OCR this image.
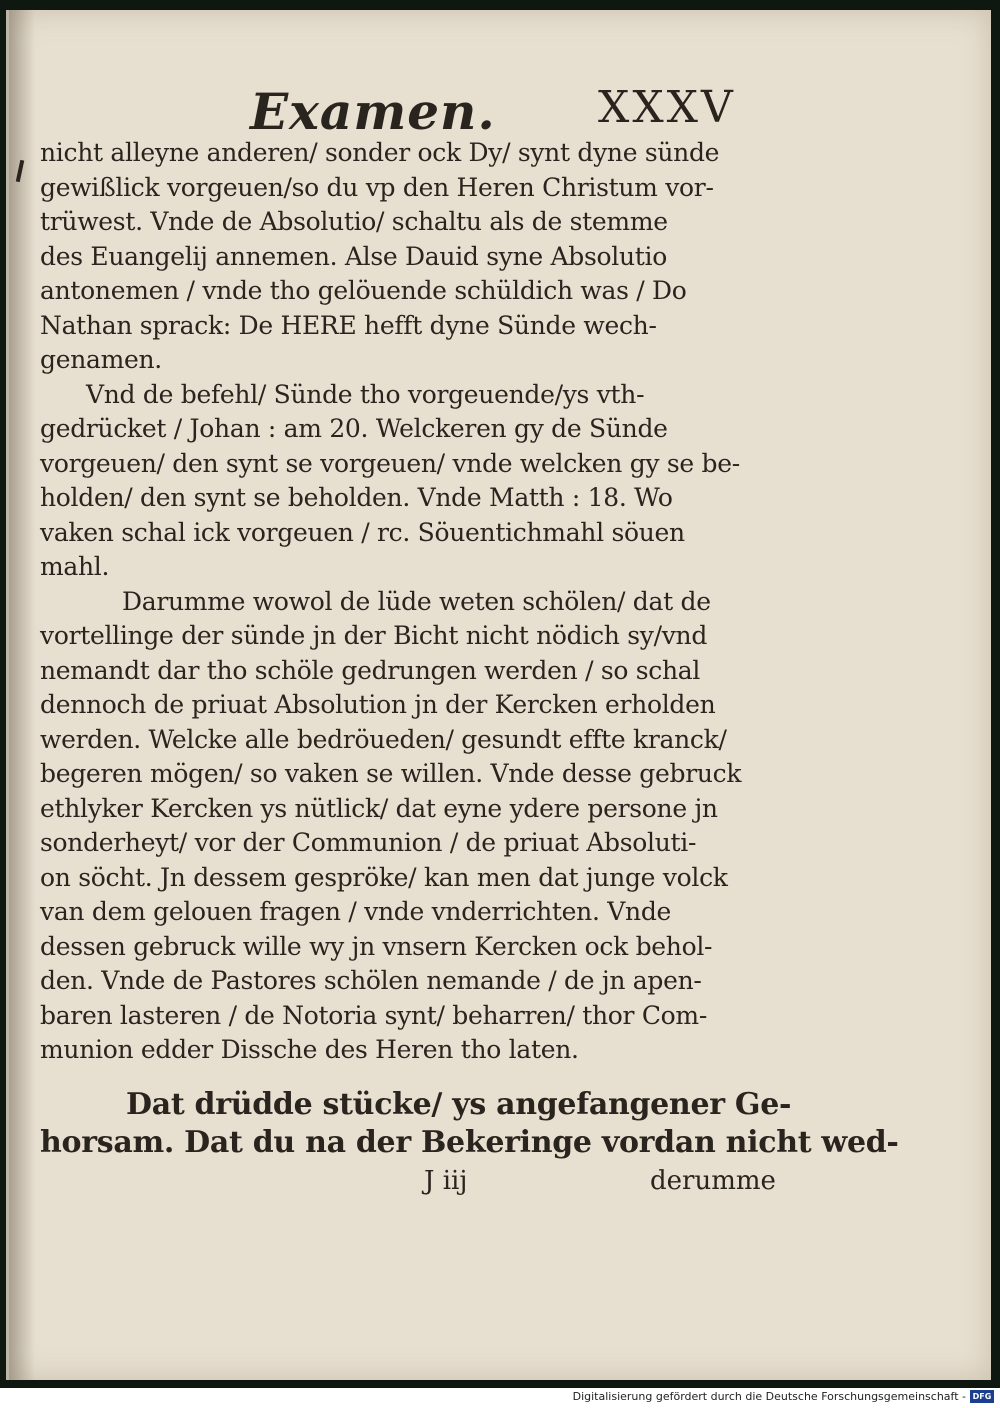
Examen. XXXV
nicht alleyne anderen/ sonder ock Dy/ synt dyne sünde
gewißlick vorgeuen/so du vp den Heren Christum vor-
trüwest. Vnde de Absolutio/ schaltu als de stemme
des Euangelij annemen. Alse Dauid syne Absolutio
antonemen / vnde tho gelöuende schüldich was / Do
Nathan sprack: De HERE hefft dyne Sünde wech-
genamen.
Vnd de befehl/ Sünde tho vorgeuende/ys vth-
gedrücket / Johan : am 20. Welckeren gy de Sünde
vorgeuen/ den synt se vorgeuen/ vnde welcken gy se be-
holden/ den synt se beholden. Vnde Matth : 18. Wo
vaken schal ick vorgeuen / rc. Söuentichmahl söuen
mahl.
Darumme wowol de lüde weten schölen/ dat de
vortellinge der sünde jn der Bicht nicht nödich sy/vnd
nemandt dar tho schöle gedrungen werden / so schal
dennoch de priuat Absolution jn der Kercken erholden
werden. Welcke alle bedröueden/ gesundt effte kranck/
begeren mögen/ so vaken se willen. Vnde desse gebruck
ethlyker Kercken ys nütlick/ dat eyne ydere persone jn
sonderheyt/ vor der Communion / de priuat Absoluti-
on söcht. Jn dessem gespröke/ kan men dat junge volck
van dem gelouen fragen / vnde vnderrichten. Vnde
dessen gebruck wille wy jn vnsern Kercken ock behol-
den. Vnde de Pastores schölen nemande / de jn apen-
baren lasteren / de Notoria synt/ beharren/ thor Com-
munion edder Dissche des Heren tho laten.
Dat drüdde stücke/ ys angefangener Ge-
horsam. Dat du na der Bekeringe vordan nicht wed-
J iij	derumme
Digitalisierung gefördert durch die Deutsche Forschungsgemeinschaft - DFG
